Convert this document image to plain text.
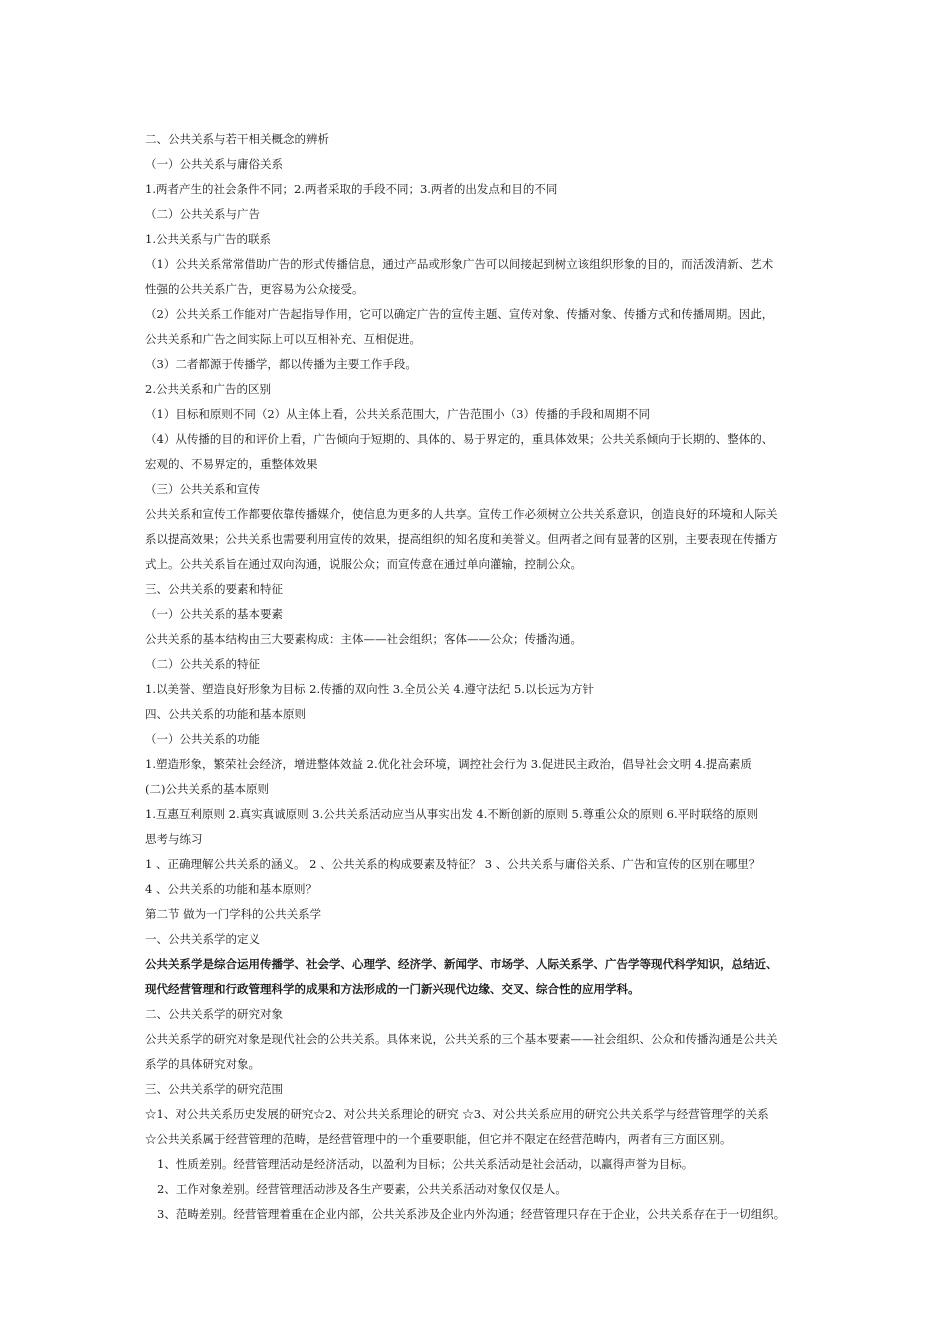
二、公共关系与若干相关概念的辨析
（一）公共关系与庸俗关系
1.两者产生的社会条件不同；2.两者采取的手段不同；3.两者的出发点和目的不同
（二）公共关系与广告
1.公共关系与广告的联系
（1）公共关系常常借助广告的形式传播信息，通过产品或形象广告可以间接起到树立该组织形象的目的，而活泼清新、艺术
性强的公共关系广告，更容易为公众接受。
（2）公共关系工作能对广告起指导作用，它可以确定广告的宣传主题、宣传对象、传播对象、传播方式和传播周期。因此，
公共关系和广告之间实际上可以互相补充、互相促进。
（3）二者都源于传播学，都以传播为主要工作手段。
2.公共关系和广告的区别
（1）目标和原则不同（2）从主体上看，公共关系范围大，广告范围小（3）传播的手段和周期不同
（4）从传播的目的和评价上看，广告倾向于短期的、具体的、易于界定的，重具体效果；公共关系倾向于长期的、整体的、
宏观的、不易界定的，重整体效果
（三）公共关系和宣传
公共关系和宣传工作都要依靠传播媒介，使信息为更多的人共享。宣传工作必须树立公共关系意识，创造良好的环境和人际关
系以提高效果；公共关系也需要利用宣传的效果，提高组织的知名度和美誉义。但两者之间有显著的区别，主要表现在传播方
式上。公共关系旨在通过双向沟通，说服公众；而宣传意在通过单向灌输，控制公众。
三、公共关系的要素和特征
（一）公共关系的基本要素
公共关系的基本结构由三大要素构成：主体——社会组织；客体——公众；传播沟通。
（二）公共关系的特征
1.以美誉、塑造良好形象为目标 2.传播的双向性 3.全员公关 4.遵守法纪 5.以长远为方针
四、公共关系的功能和基本原则
（一）公共关系的功能
1.塑造形象，繁荣社会经济，增进整体效益 2.优化社会环境，调控社会行为 3.促进民主政治，倡导社会文明 4.提高素质
(二)公共关系的基本原则
1.互惠互利原则 2.真实真诚原则 3.公共关系活动应当从事实出发 4.不断创新的原则 5.尊重公众的原则 6.平时联络的原则
思考与练习
1 、正确理解公共关系的涵义。 2 、公共关系的构成要素及特征？ 3 、公共关系与庸俗关系、广告和宣传的区别在哪里？
4 、公共关系的功能和基本原则？
第二节 做为一门学科的公共关系学
一、公共关系学的定义
公共关系学是综合运用传播学、社会学、心理学、经济学、新闻学、市场学、人际关系学、广告学等现代科学知识，总结近、
现代经营管理和行政管理科学的成果和方法形成的一门新兴现代边缘、交叉、综合性的应用学科。
二、公共关系学的研究对象
公共关系学的研究对象是现代社会的公共关系。具体来说，公共关系的三个基本要素——社会组织、公众和传播沟通是公共关
系学的具体研究对象。
三、公共关系学的研究范围
☆1、对公共关系历史发展的研究☆2、对公共关系理论的研究 ☆3、对公共关系应用的研究公共关系学与经营管理学的关系
☆公共关系属于经营管理的范畴，是经营管理中的一个重要职能，但它并不限定在经营范畴内，两者有三方面区别。
1、性质差别。经营管理活动是经济活动，以盈利为目标；公共关系活动是社会活动，以赢得声誉为目标。
2、工作对象差别。经营管理活动涉及各生产要素，公共关系活动对象仅仅是人。
3、范畴差别。经营管理着重在企业内部，公共关系涉及企业内外沟通；经营管理只存在于企业，公共关系存在于一切组织。
